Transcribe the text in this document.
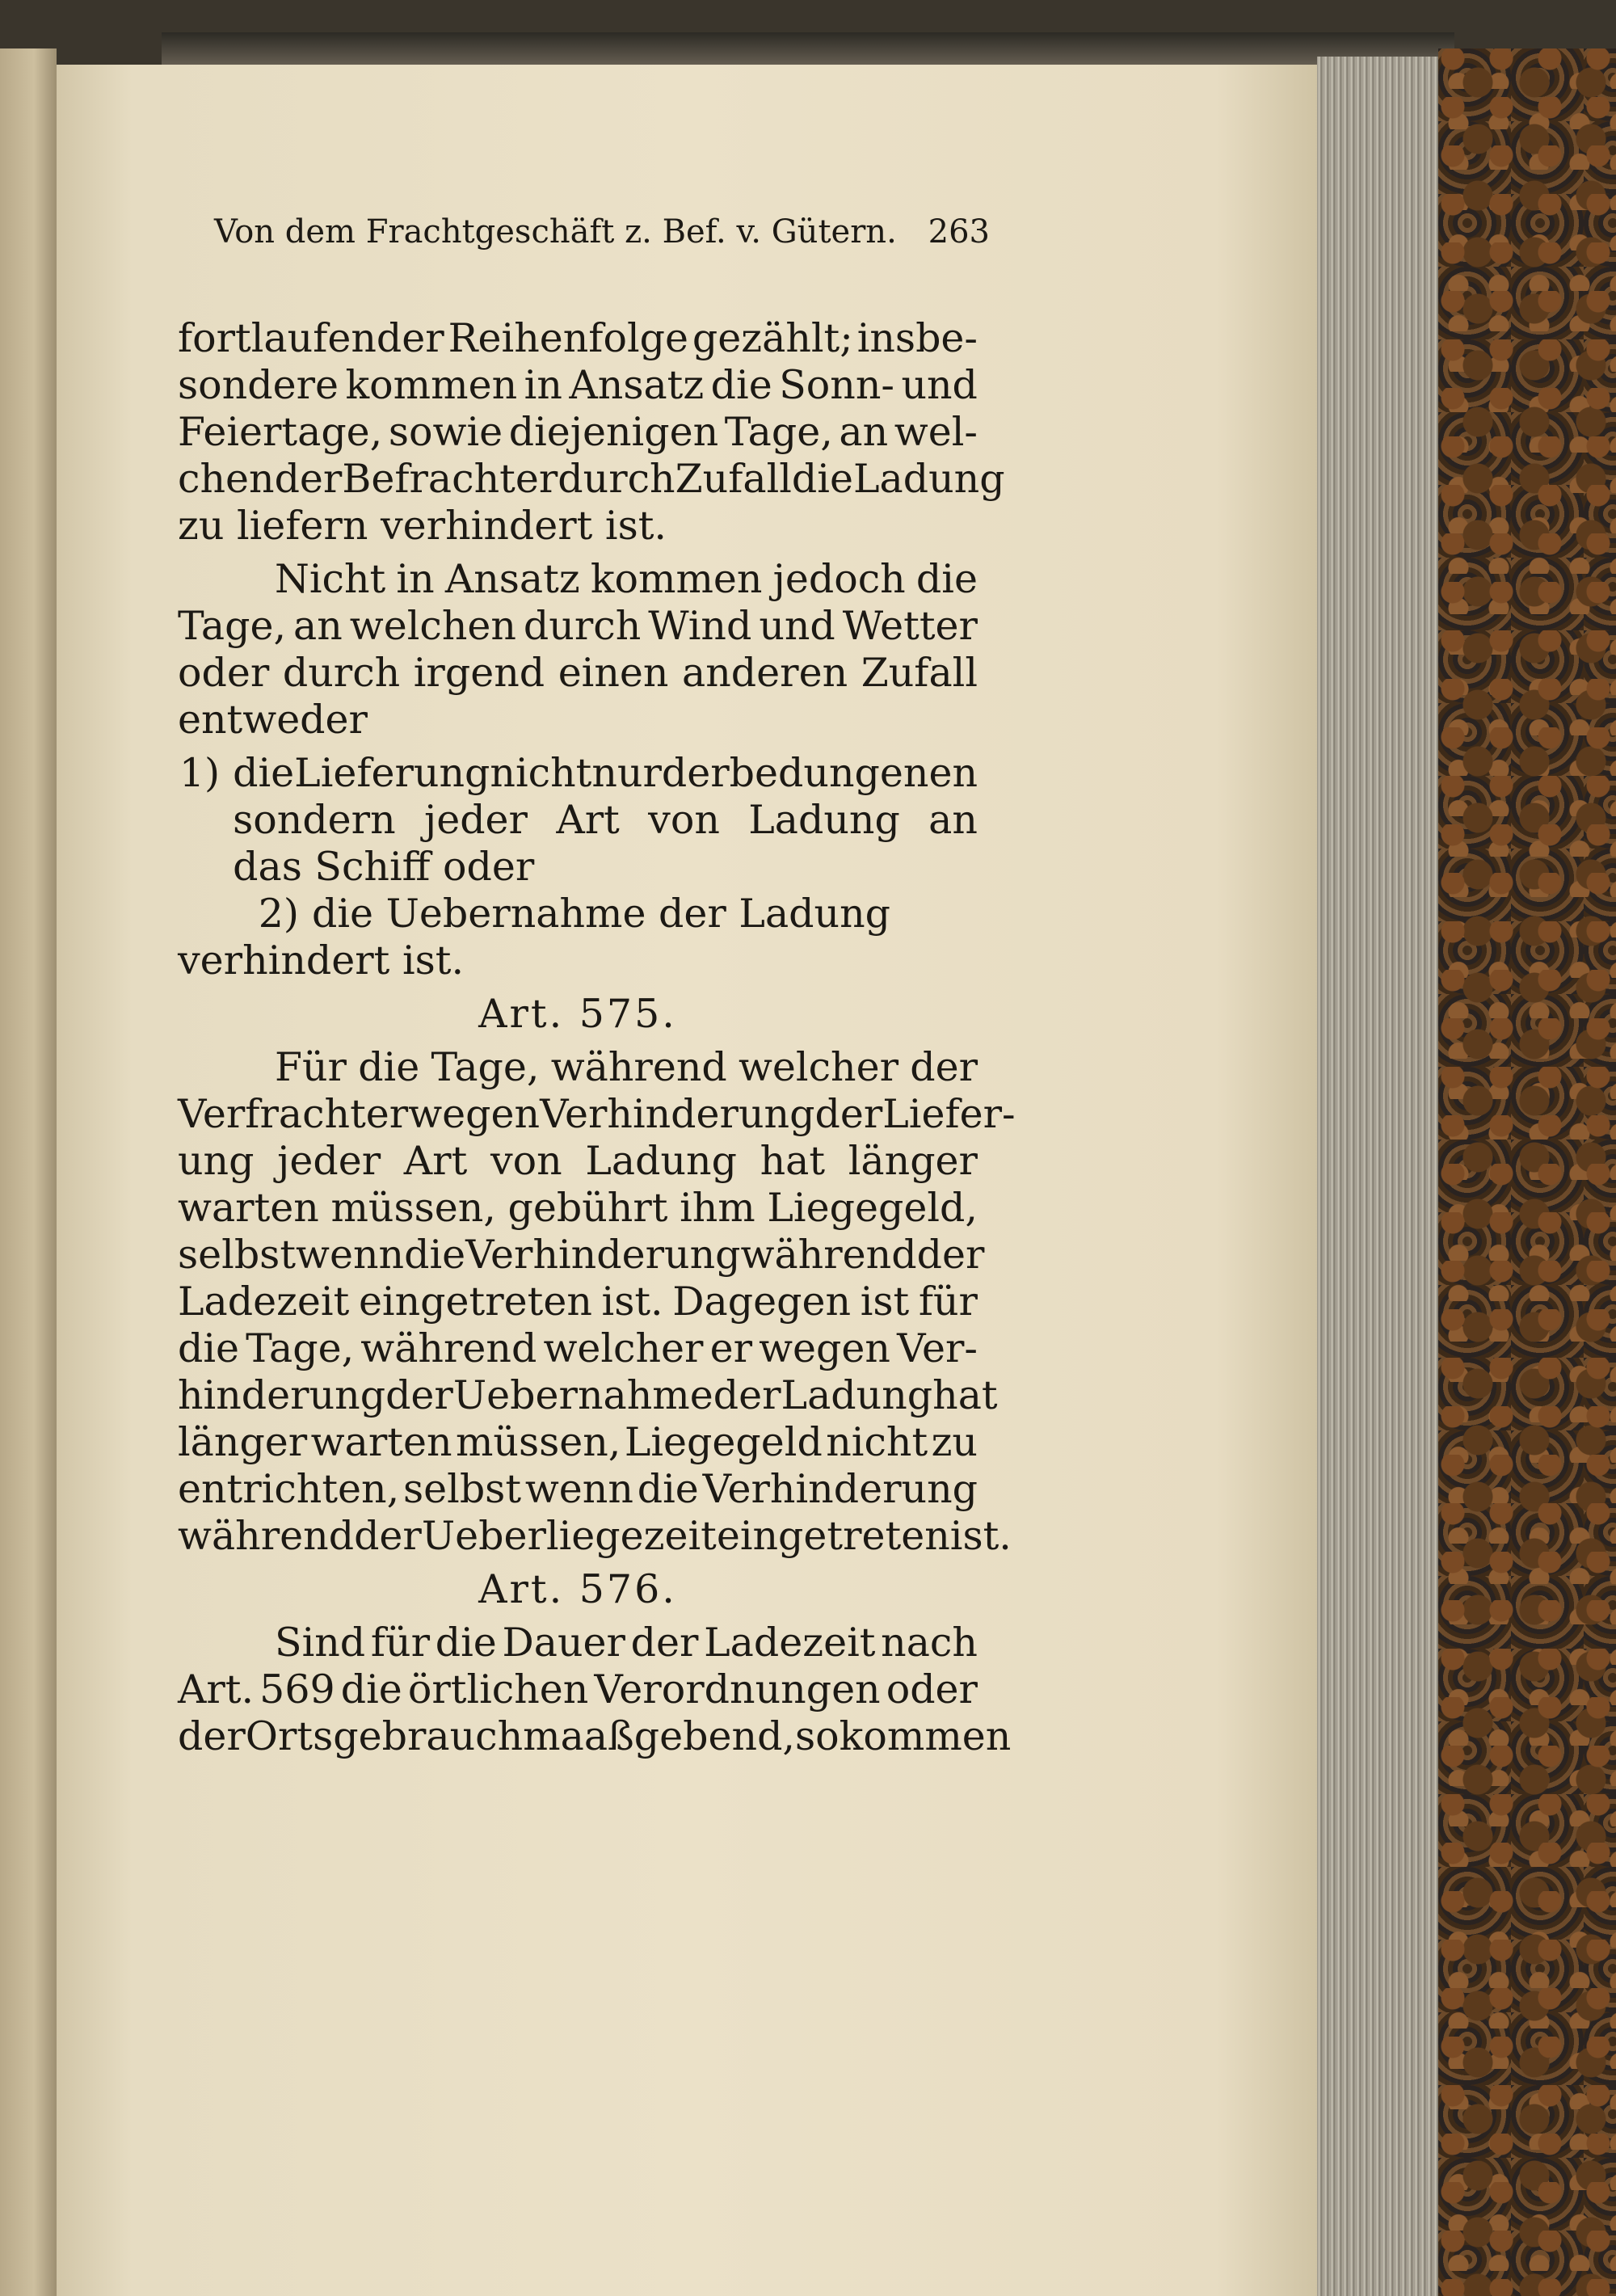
Von dem Frachtgeschäft z. Bef. v. Gütern. 263
fortlaufender Reihenfolge gezählt; insbe-
sondere kommen in Ansatz die Sonn- und
Feiertage, sowie diejenigen Tage, an wel-
chen der Befrachter durch Zufall die Ladung
zu liefern verhindert ist.
Nicht in Ansatz kommen jedoch die
Tage, an welchen durch Wind und Wetter
oder durch irgend einen anderen Zufall
entweder
1) die Lieferung nicht nur der bedungenen
sondern jeder Art von Ladung an
das Schiff oder
2) die Uebernahme der Ladung
verhindert ist.
Art. 575.
Für die Tage, während welcher der
Verfrachter wegen Verhinderung der Liefer-
ung jeder Art von Ladung hat länger
warten müssen, gebührt ihm Liegegeld,
selbst wenn die Verhinderung während der
Ladezeit eingetreten ist. Dagegen ist für
die Tage, während welcher er wegen Ver-
hinderung der Uebernahme der Ladung hat
länger warten müssen, Liegegeld nicht zu
entrichten, selbst wenn die Verhinderung
während der Ueberliegezeit eingetreten ist.
Art. 576.
Sind für die Dauer der Ladezeit nach
Art. 569 die örtlichen Verordnungen oder
der Ortsgebrauch maaßgebend, so kommen
